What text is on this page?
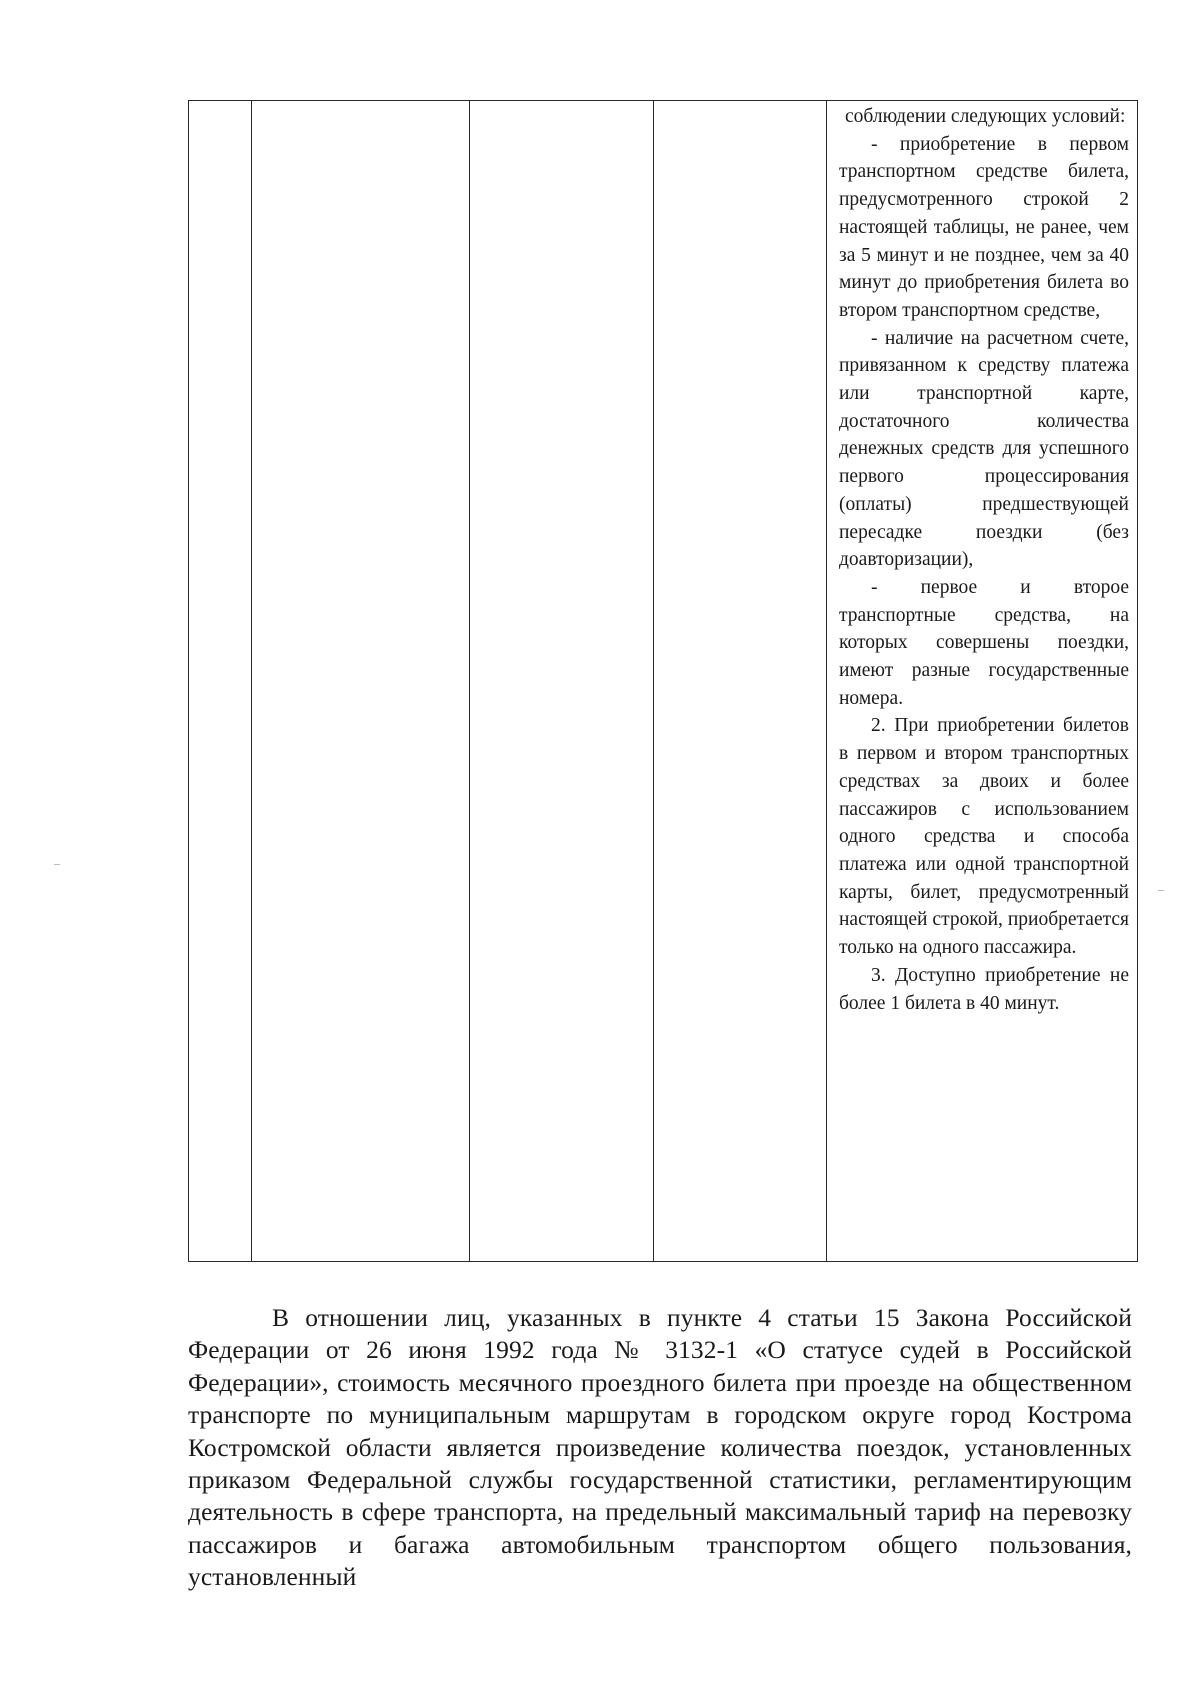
соблюдении следующих условий:

- приобретение в первом транспортном средстве билета, предусмотренного строкой 2 настоящей таблицы, не ранее, чем за 5 минут и не позднее, чем за 40 минут до приобретения билета во втором транспортном средстве,

- наличие на расчетном счете, привязанном к средству платежа или транспортной карте, достаточного количества денежных средств для успешного первого процессирования (оплаты) предшествующей пересадке поездки (без доавторизации),

- первое и второе транспортные средства, на которых совершены поездки, имеют разные государственные номера.

2. При приобретении билетов в первом и втором транспортных средствах за двоих и более пассажиров с использованием одного средства и способа платежа или одной транспортной карты, билет, предусмотренный настоящей строкой, приобретается только на одного пассажира.

3. Доступно приобретение не более 1 билета в 40 минут.

В отношении лиц, указанных в пункте 4 статьи 15 Закона Российской Федерации от 26 июня 1992 года № 3132-1 «О статусе судей в Российской Федерации», стоимость месячного проездного билета при проезде на общественном транспорте по муниципальным маршрутам в городском округе город Кострома Костромской области является произведение количества поездок, установленных приказом Федеральной службы государственной статистики, регламентирующим деятельность в сфере транспорта, на предельный максимальный тариф на перевозку пассажиров и багажа автомобильным транспортом общего пользования, установленный
